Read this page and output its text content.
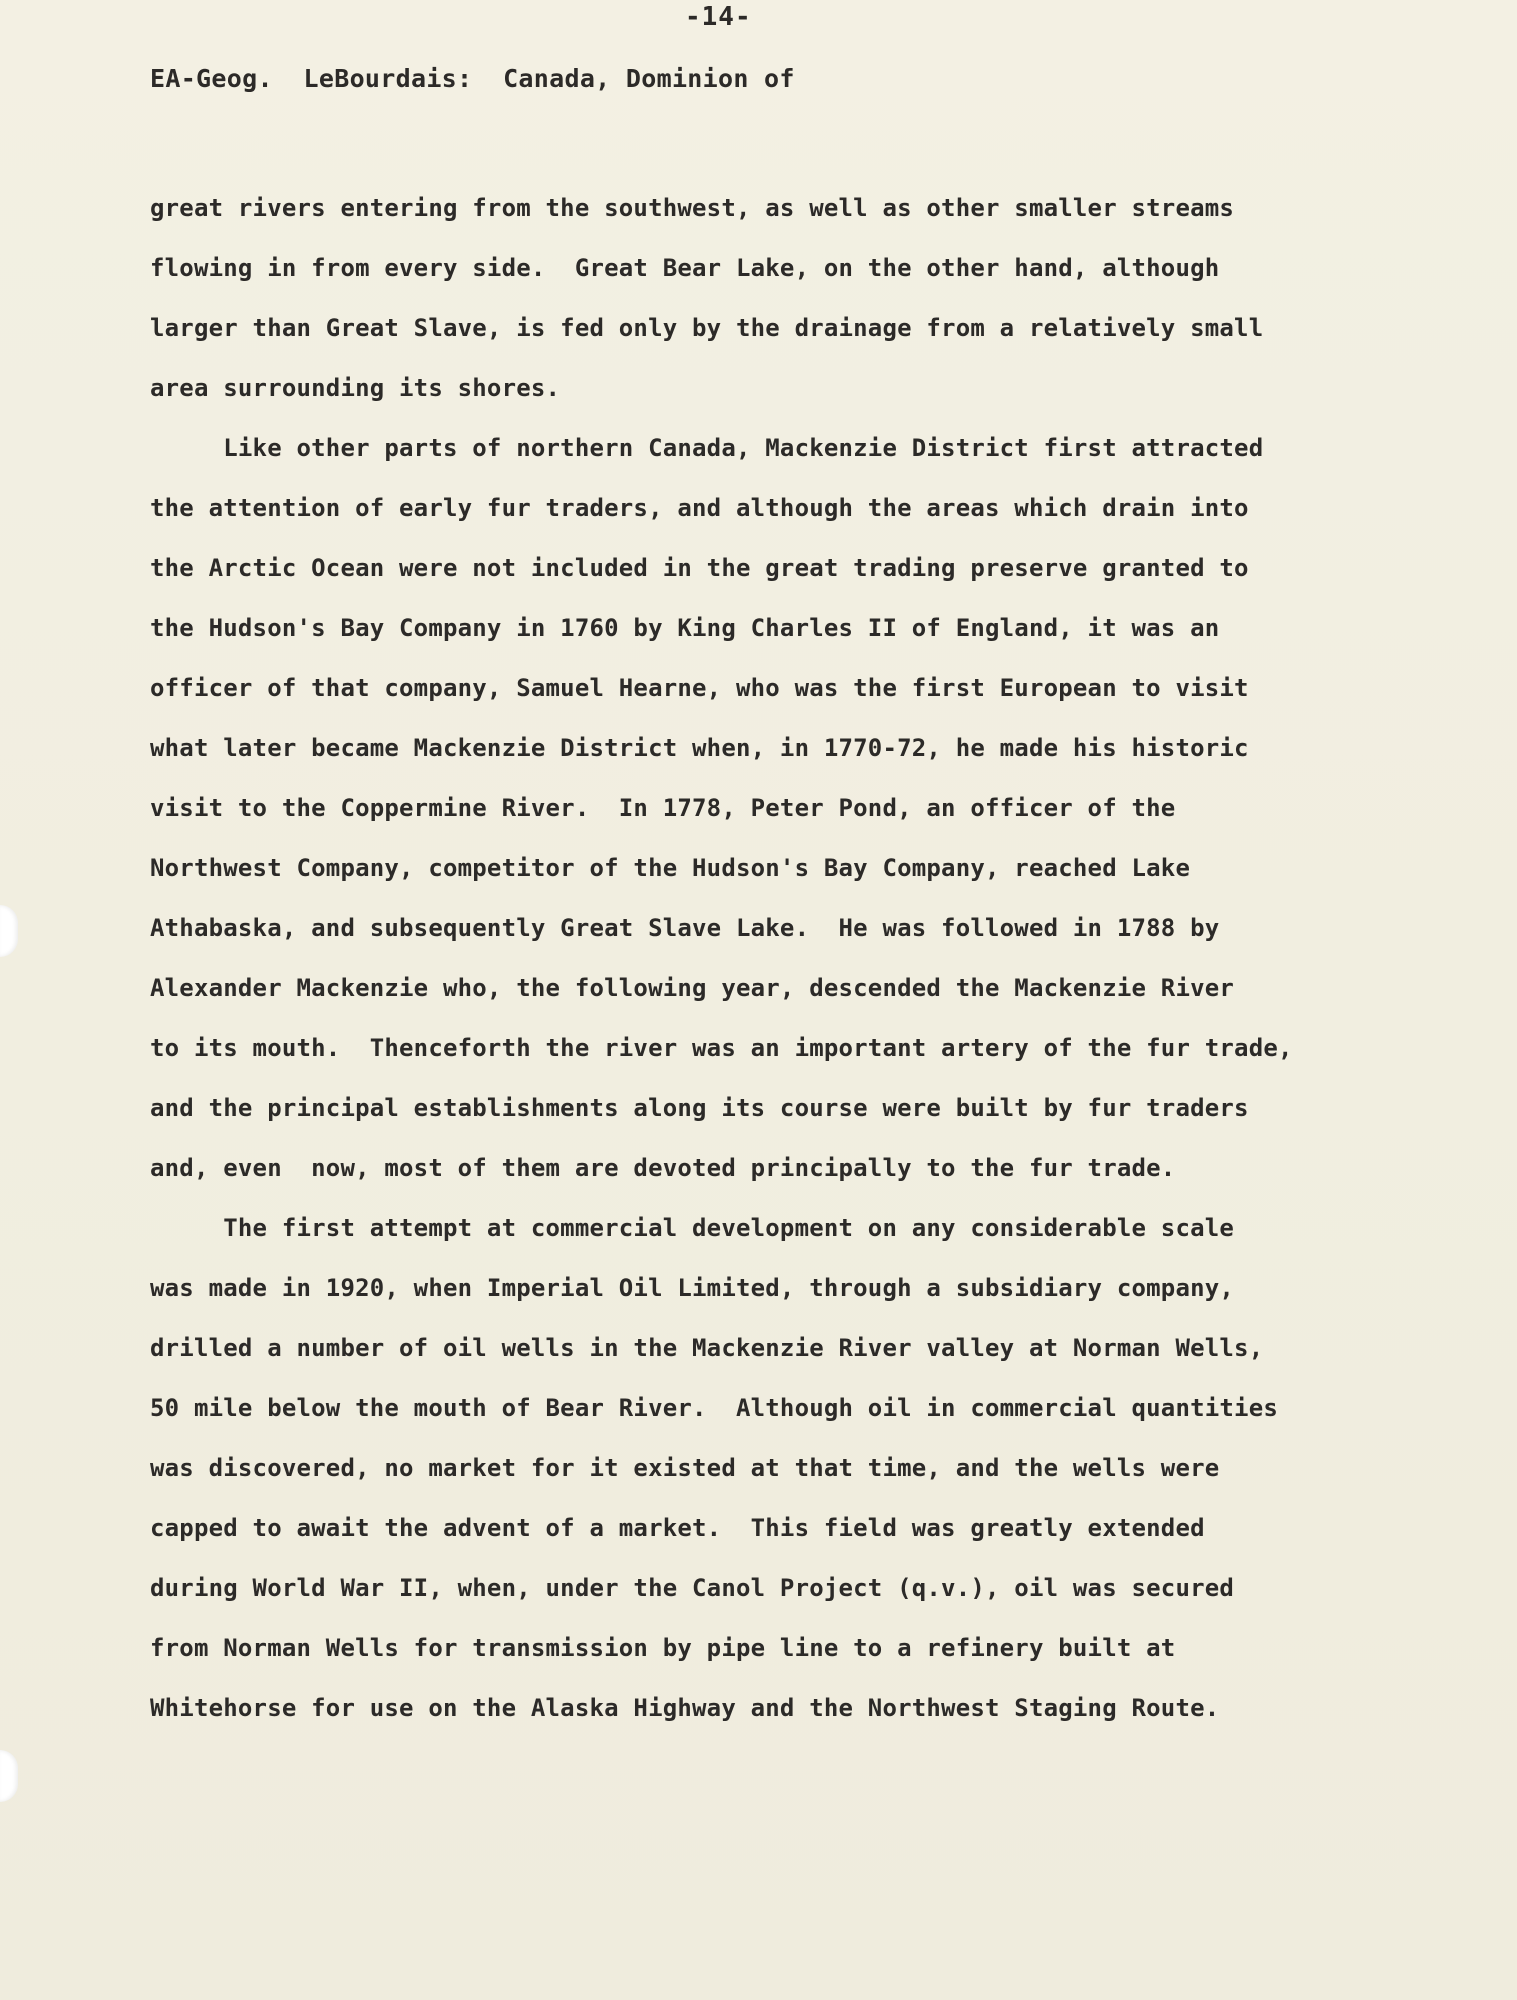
-14-
EA-Geog.  LeBourdais:  Canada, Dominion of
great rivers entering from the southwest, as well as other smaller streams
flowing in from every side.  Great Bear Lake, on the other hand, although
larger than Great Slave, is fed only by the drainage from a relatively small
area surrounding its shores.
Like other parts of northern Canada, Mackenzie District first attracted
the attention of early fur traders, and although the areas which drain into
the Arctic Ocean were not included in the great trading preserve granted to
the Hudson's Bay Company in 1760 by King Charles II of England, it was an
officer of that company, Samuel Hearne, who was the first European to visit
what later became Mackenzie District when, in 1770-72, he made his historic
visit to the Coppermine River.  In 1778, Peter Pond, an officer of the
Northwest Company, competitor of the Hudson's Bay Company, reached Lake
Athabaska, and subsequently Great Slave Lake.  He was followed in 1788 by
Alexander Mackenzie who, the following year, descended the Mackenzie River
to its mouth.  Thenceforth the river was an important artery of the fur trade,
and the principal establishments along its course were built by fur traders
and, even  now, most of them are devoted principally to the fur trade.
The first attempt at commercial development on any considerable scale
was made in 1920, when Imperial Oil Limited, through a subsidiary company,
drilled a number of oil wells in the Mackenzie River valley at Norman Wells,
50 mile below the mouth of Bear River.  Although oil in commercial quantities
was discovered, no market for it existed at that time, and the wells were
capped to await the advent of a market.  This field was greatly extended
during World War II, when, under the Canol Project (q.v.), oil was secured
from Norman Wells for transmission by pipe line to a refinery built at
Whitehorse for use on the Alaska Highway and the Northwest Staging Route.
